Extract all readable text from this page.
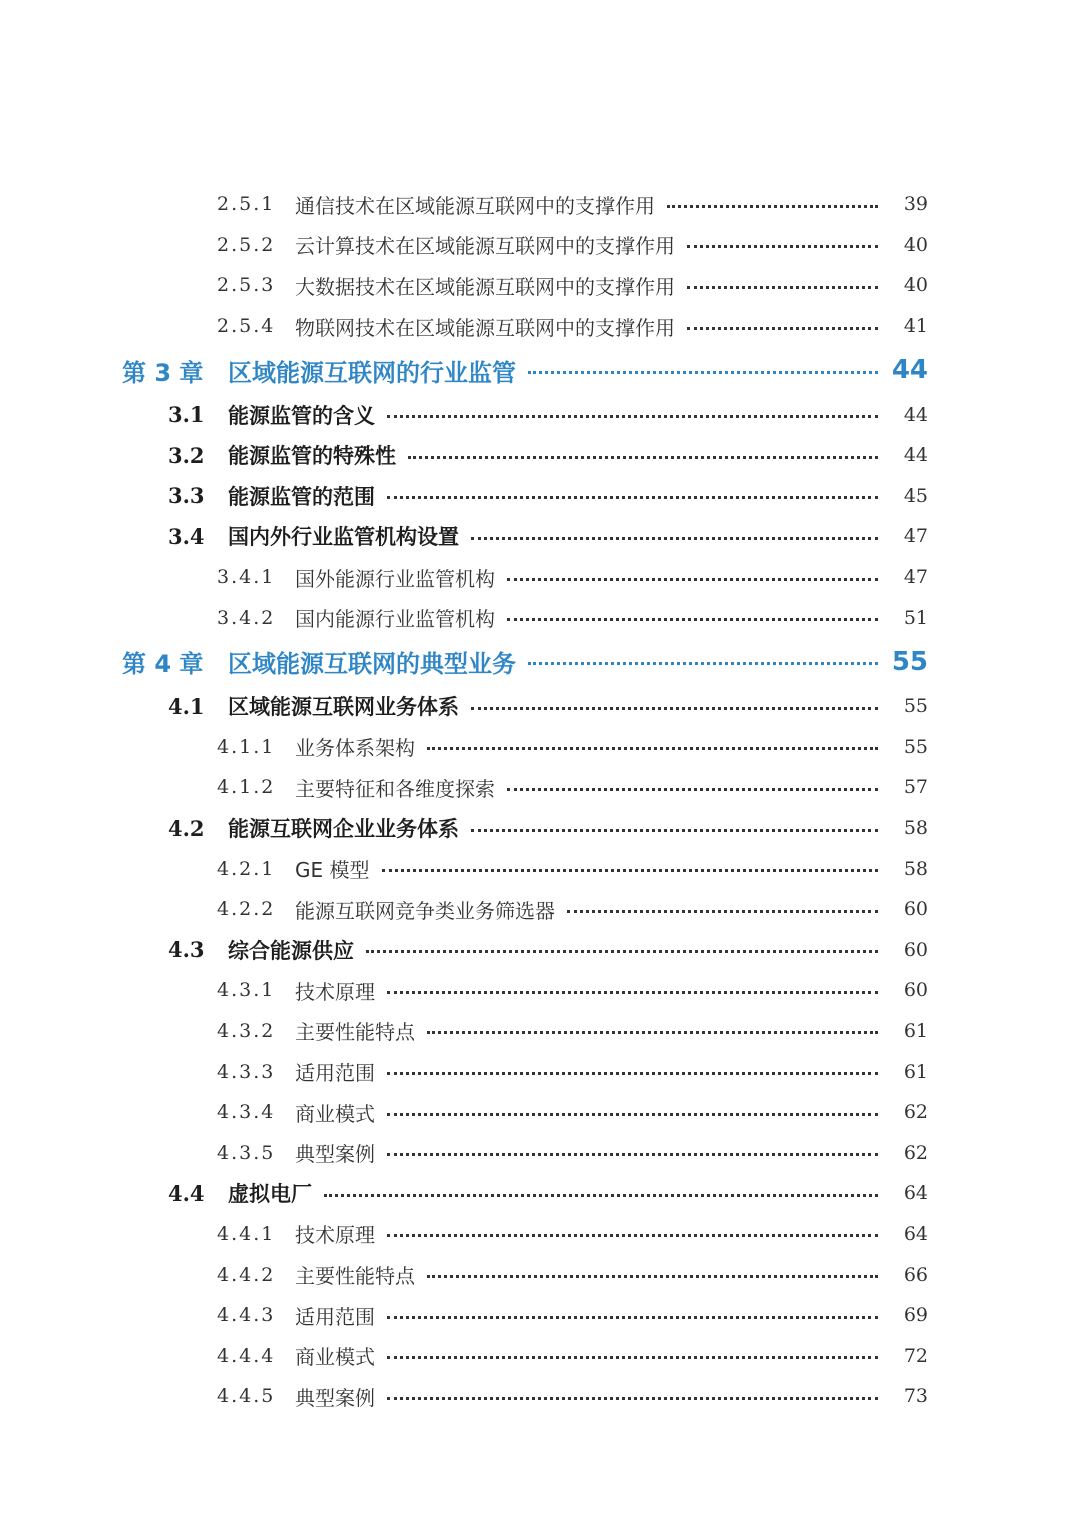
2.5.1 通信技术在区域能源互联网中的支撑作用	39
2.5.2 云计算技术在区域能源互联网中的支撑作用	40
2.5.3 大数据技术在区域能源互联网中的支撑作用	40
2.5.4 物联网技术在区域能源互联网中的支撑作用	41
第 3 章	区域能源互联网的行业监管	44
3.1	能源监管的含义	44
3.2	能源监管的特殊性	44
3.3	能源监管的范围	45
3.4	国内外行业监管机构设置	47
3.4.1 国外能源行业监管机构	47
3.4.2 国内能源行业监管机构	51
第 4 章	区域能源互联网的典型业务	55
4.1	区域能源互联网业务体系	55
4.1.1 业务体系架构	55
4.1.2 主要特征和各维度探索	57
4.2	能源互联网企业业务体系	58
4.2.1 GE 模型	58
4.2.2 能源互联网竞争类业务筛选器	60
4.3	综合能源供应	60
4.3.1 技术原理	60
4.3.2 主要性能特点	61
4.3.3 适用范围	61
4.3.4 商业模式	62
4.3.5 典型案例	62
4.4	虚拟电厂	64
4.4.1 技术原理	64
4.4.2 主要性能特点	66
4.4.3 适用范围	69
4.4.4 商业模式	72
4.4.5 典型案例	73
